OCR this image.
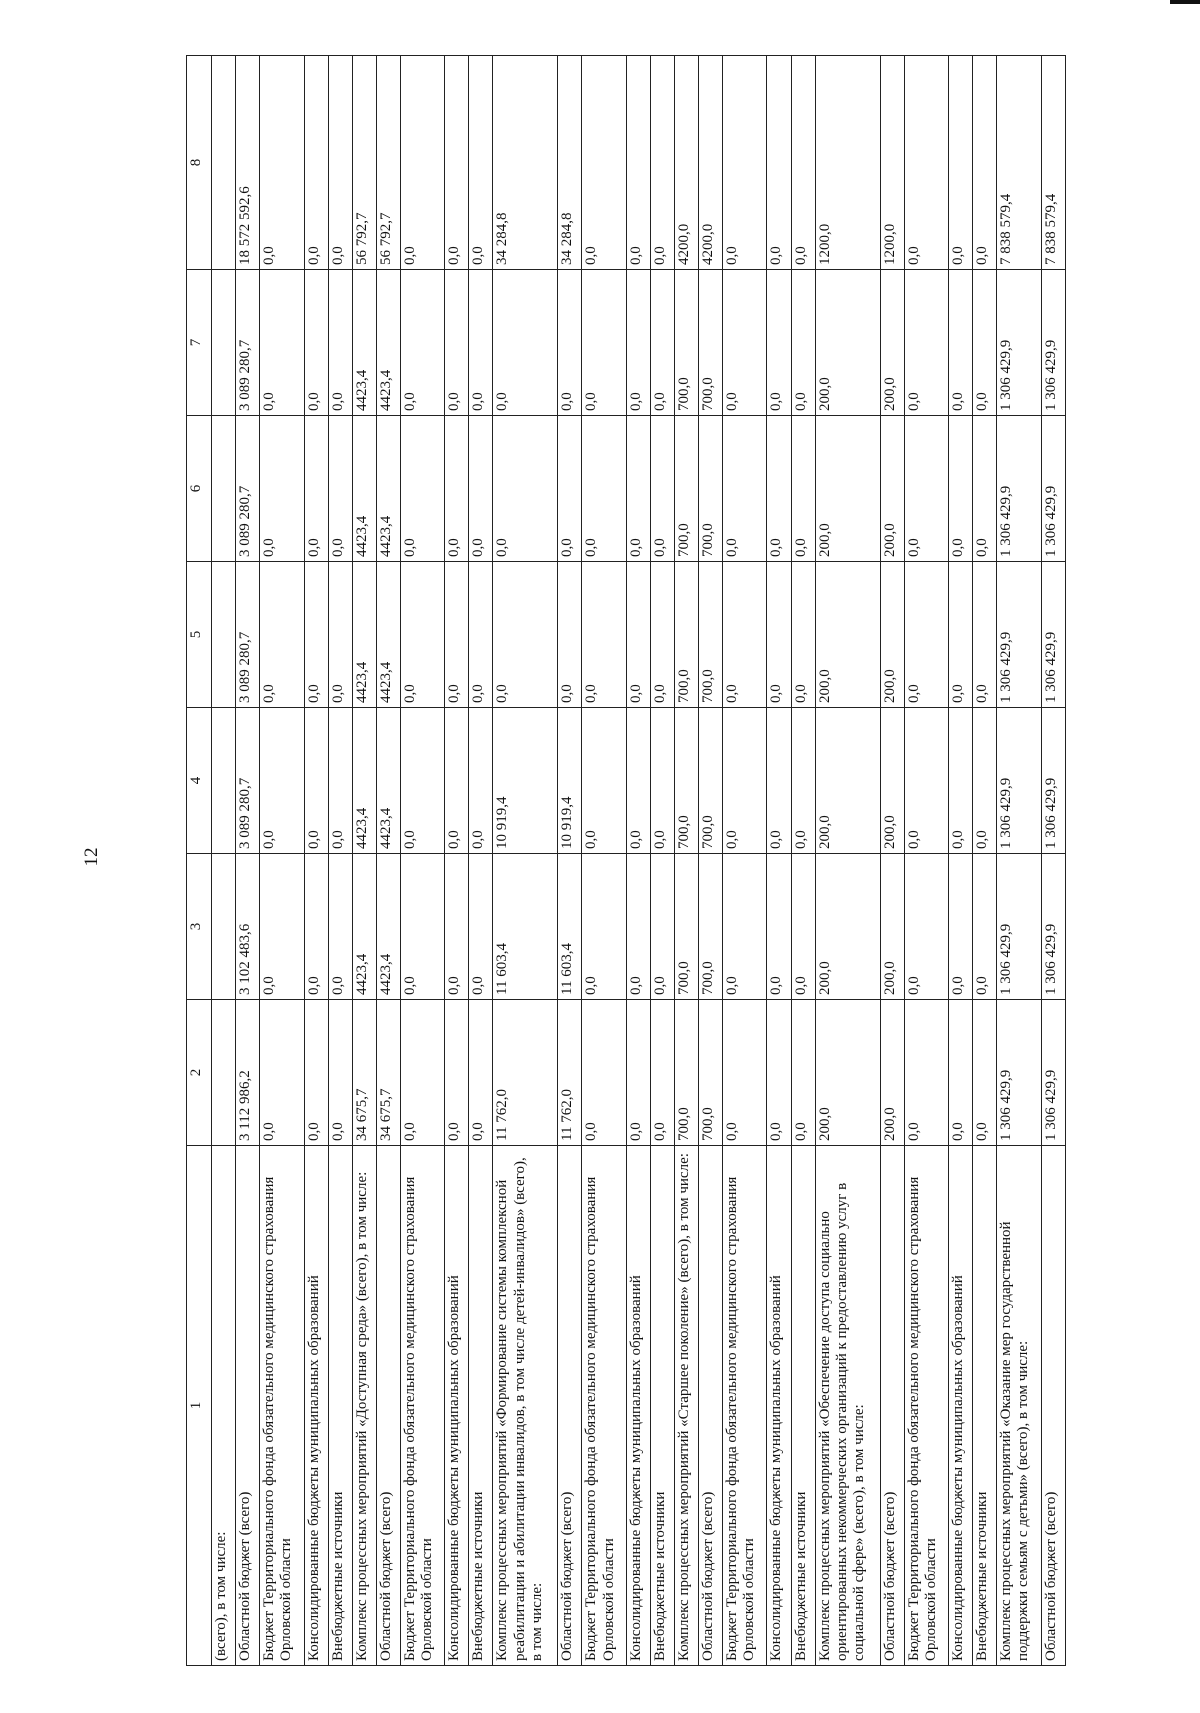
12
1	2	3	4	5	6	7	8
(всего), в том числе:							
Областной бюджет (всего)	3 112 986,2	3 102 483,6	3 089 280,7	3 089 280,7	3 089 280,7	3 089 280,7	18 572 592,6
Бюджет Территориального фонда обязательного медицинского страхования Орловской области	0,0	0,0	0,0	0,0	0,0	0,0	0,0
Консолидированные бюджеты муниципальных образований	0,0	0,0	0,0	0,0	0,0	0,0	0,0
Внебюджетные источники	0,0	0,0	0,0	0,0	0,0	0,0	0,0
Комплекс процессных мероприятий «Доступная среда» (всего), в том числе:	34 675,7	4423,4	4423,4	4423,4	4423,4	4423,4	56 792,7
Областной бюджет (всего)	34 675,7	4423,4	4423,4	4423,4	4423,4	4423,4	56 792,7
Бюджет Территориального фонда обязательного медицинского страхования Орловской области	0,0	0,0	0,0	0,0	0,0	0,0	0,0
Консолидированные бюджеты муниципальных образований	0,0	0,0	0,0	0,0	0,0	0,0	0,0
Внебюджетные источники	0,0	0,0	0,0	0,0	0,0	0,0	0,0
Комплекс процессных мероприятий «Формирование системы комплексной реабилитации и абилитации инвалидов, в том числе детей-инвалидов» (всего), в том числе:	11 762,0	11 603,4	10 919,4	0,0	0,0	0,0	34 284,8
Областной бюджет (всего)	11 762,0	11 603,4	10 919,4	0,0	0,0	0,0	34 284,8
Бюджет Территориального фонда обязательного медицинского страхования Орловской области	0,0	0,0	0,0	0,0	0,0	0,0	0,0
Консолидированные бюджеты муниципальных образований	0,0	0,0	0,0	0,0	0,0	0,0	0,0
Внебюджетные источники	0,0	0,0	0,0	0,0	0,0	0,0	0,0
Комплекс процессных мероприятий «Старшее поколение» (всего), в том числе:	700,0	700,0	700,0	700,0	700,0	700,0	4200,0
Областной бюджет (всего)	700,0	700,0	700,0	700,0	700,0	700,0	4200,0
Бюджет Территориального фонда обязательного медицинского страхования Орловской области	0,0	0,0	0,0	0,0	0,0	0,0	0,0
Консолидированные бюджеты муниципальных образований	0,0	0,0	0,0	0,0	0,0	0,0	0,0
Внебюджетные источники	0,0	0,0	0,0	0,0	0,0	0,0	0,0
Комплекс процессных мероприятий «Обеспечение доступа социально ориентированных некоммерческих организаций к предоставлению услуг в социальной сфере» (всего), в том числе:	200,0	200,0	200,0	200,0	200,0	200,0	1200,0
Областной бюджет (всего)	200,0	200,0	200,0	200,0	200,0	200,0	1200,0
Бюджет Территориального фонда обязательного медицинского страхования Орловской области	0,0	0,0	0,0	0,0	0,0	0,0	0,0
Консолидированные бюджеты муниципальных образований	0,0	0,0	0,0	0,0	0,0	0,0	0,0
Внебюджетные источники	0,0	0,0	0,0	0,0	0,0	0,0	0,0
Комплекс процессных мероприятий «Оказание мер государственной поддержки семьям с детьми» (всего), в том числе:	1 306 429,9	1 306 429,9	1 306 429,9	1 306 429,9	1 306 429,9	1 306 429,9	7 838 579,4
Областной бюджет (всего)	1 306 429,9	1 306 429,9	1 306 429,9	1 306 429,9	1 306 429,9	1 306 429,9	7 838 579,4
